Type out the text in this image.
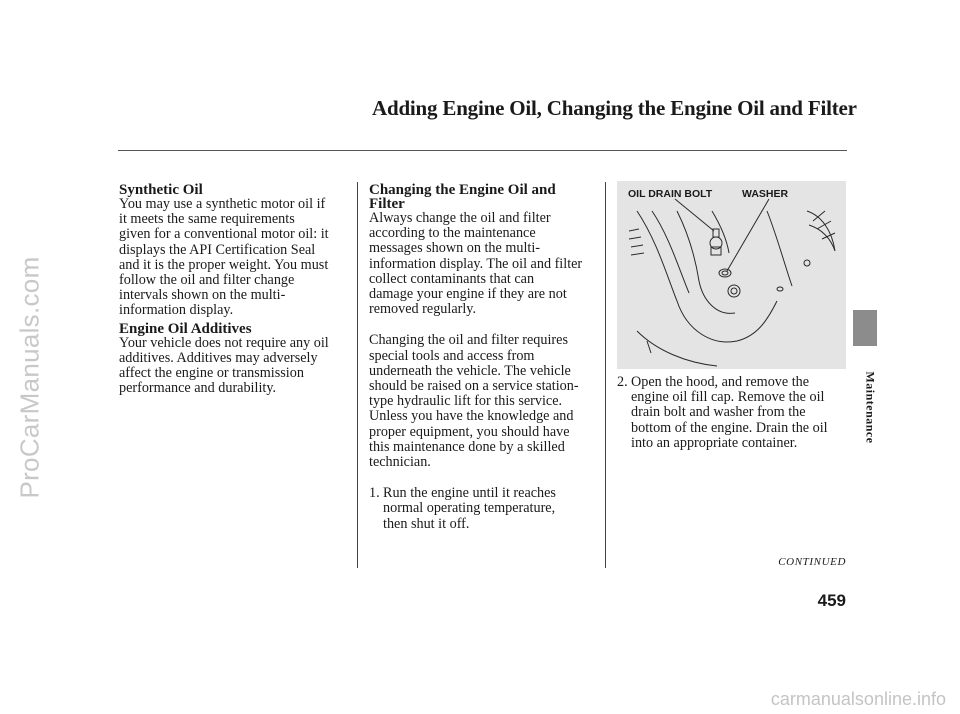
ProCarManuals.com
Adding Engine Oil, Changing the Engine Oil and Filter
Maintenance
Synthetic Oil

You may use a synthetic motor oil if

it meets the same requirements

given for a conventional motor oil: it

displays the API Certification Seal

and it is the proper weight. You must

follow the oil and filter change

intervals shown on the multi-

information display.

Engine Oil Additives

Your vehicle does not require any oil

additives. Additives may adversely

affect the engine or transmission

performance and durability.

Changing the Engine Oil and
Filter

Always change the oil and filter

according to the maintenance

messages shown on the multi-

information display. The oil and filter

collect contaminants that can

damage your engine if they are not

removed regularly.

Changing the oil and filter requires

special tools and access from

underneath the vehicle. The vehicle

should be raised on a service station-

type hydraulic lift for this service.

Unless you have the knowledge and

proper equipment, you should have

this maintenance done by a skilled

technician.

1. Run the engine until it reaches

normal operating temperature,

then shut it off.

OIL DRAIN BOLT	WASHER
2. Open the hood, and remove the

engine oil fill cap. Remove the oil

drain bolt and washer from the

bottom of the engine. Drain the oil

into an appropriate container.

CONTINUED
459
carmanualsonline.info
